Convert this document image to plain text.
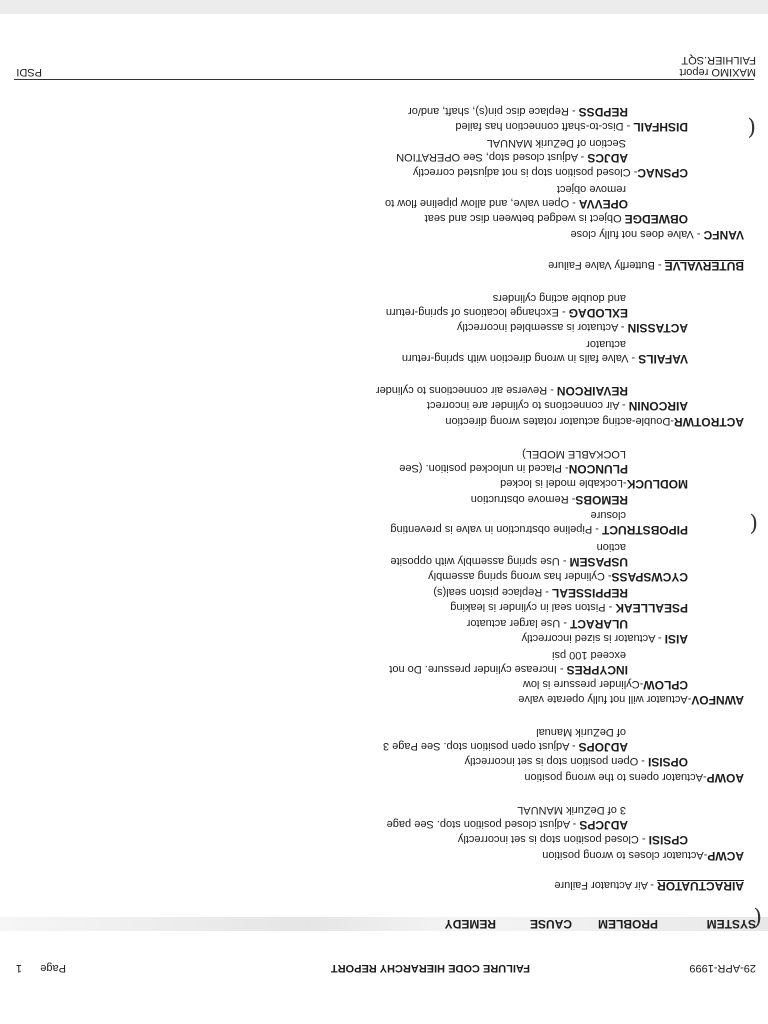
29-APR-1999
FAILURE CODE HIERARCHY REPORT
Page
1
SYSTEM
PROBLEM
CAUSE
REMEDY
AIRACTUATOR - Air Actuator Failure
ACWP-Actuator closes to wrong position
CPSISI - Closed position stop is set incorrectly
ADJCPS - Adjust closed position stop. See page
3 of DeZurik MANUAL
AOWP-Actuator opens to the wrong position
OPSISI - Open position stop is set incorrectly
ADJOPS - Adjust open position stop. See Page 3
of DeZurik Manual
AWNFOV-Actuator will not fully operate valve
CPLOW-Cylinder pressure is low
INCYPRES - Increase cylinder pressure. Do not
exceed 100 psi
AISI - Actuator is sized incorrectly
ULARACT - Use larger actuator
PSEALLEAK - Piston seal in cylinder is leaking
REPPISSEAL - Replace piston seal(s)
CYCWSPASS- Cylinder has wrong spring assembly
USPASEM - Use spring assembly with opposite
action
PIPOBSTRUCT - Pipeline obstruction in valve is preventing
closure
REMOBS- Remove obstruction
MODLUCK-Lockable model is locked
PLUNCON- Placed in unlocked position. (See
LOCKABLE MODEL)
ACTROTWR-Double-acting actuator rotates wrong direction
AIRCONIN - Air connections to cylinder are incorrect
REVAIRCON - Reverse air connections to cylinder
VAFAILS - Valve fails in wrong direction with spring-return
actuator
ACTASSIN - Actuator is assembled incorrectly
EXLODAG - Exchange locations of spring-return
and double acting cylinders
BUTERVALVE - Butterfly Valve Failure
VANFC - Valve does not fully close
OBWEDGE Object is wedged between disc and seat
OPEVVA - Open valve, and allow pipeline flow to
remove object
CPSNAC- Closed position stop is not adjusted correctly
ADJCS - Adjust closed stop, See OPERATION
Section of DeZurik MANUAL
DISHFAIL - Disc-to-shaft connection has failed
REPDSS - Replace disc pin(s), shaft, and/or
MAXIMO report
FAILHIER.SQT
PSDI
(
(
(
